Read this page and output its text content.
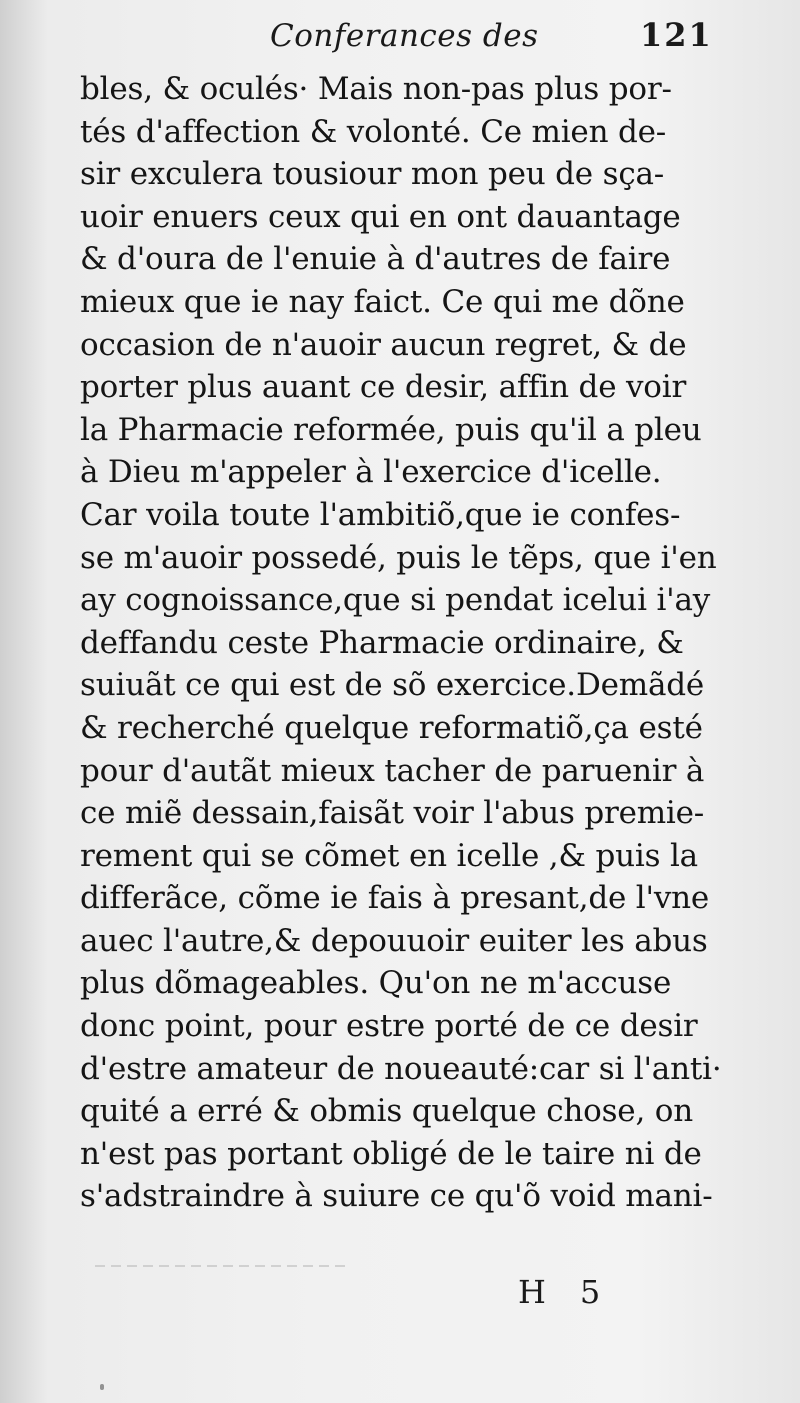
Conferances des	121
bles, & oculés· Mais non-pas plus por-
tés d'affection & volonté. Ce mien de-
sir exculera tousiour mon peu de sça-
uoir enuers ceux qui en ont dauantage
& d'oura de l'enuie à d'autres de faire
mieux que ie nay faict. Ce qui me dõne
occasion de n'auoir aucun regret, & de
porter plus auant ce desir, affin de voir
la Pharmacie reformée, puis qu'il a pleu
à Dieu m'appeler à l'exercice d'icelle.
Car voila toute l'ambitiõ,que ie confes-
se m'auoir possedé, puis le tẽps, que i'en
ay cognoissance,que si pendat icelui i'ay
deffandu ceste Pharmacie ordinaire, &
suiuãt ce qui est de sõ exercice.Demãdé
& recherché quelque reformatiõ,ça esté
pour d'autãt mieux tacher de paruenir à
ce miẽ dessain,faisãt voir l'abus premie-
rement qui se cõmet en icelle ,& puis la
differãce, cõme ie fais à presant,de l'vne
auec l'autre,& depouuoir euiter les abus
plus dõmageables. Qu'on ne m'accuse
donc point, pour estre porté de ce desir
d'estre amateur de noueauté:car si l'anti·
quité a erré & obmis quelque chose, on
n'est pas portant obligé de le taire ni de
s'adstraindre à suiure ce qu'õ void mani-
H5
